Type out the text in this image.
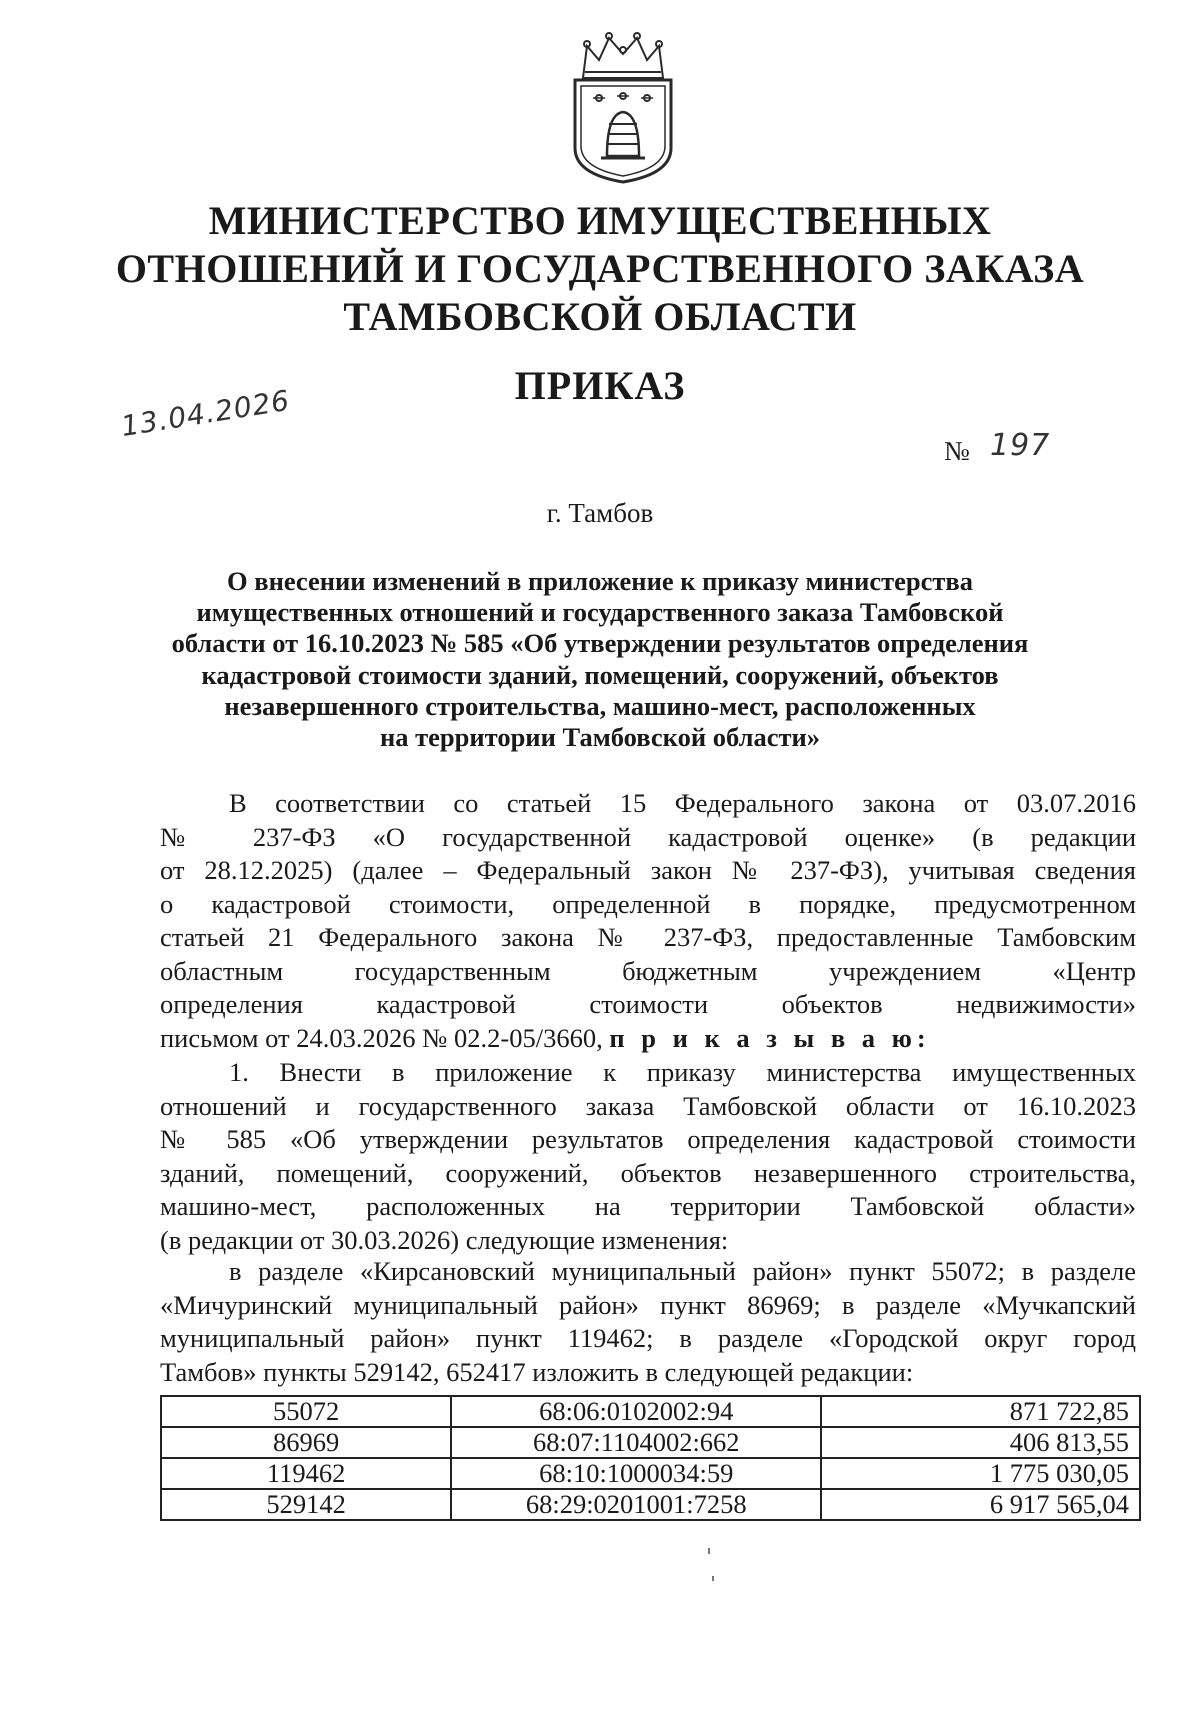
МИНИСТЕРСТВО ИМУЩЕСТВЕННЫХ
ОТНОШЕНИЙ И ГОСУДАРСТВЕННОГО ЗАКАЗА
ТАМБОВСКОЙ ОБЛАСТИ
ПРИКАЗ
13.04.2026
№ 197
г. Тамбов
О внесении изменений в приложение к приказу министерства
имущественных отношений и государственного заказа Тамбовской
области от 16.10.2023 № 585 «Об утверждении результатов определения
кадастровой стоимости зданий, помещений, сооружений, объектов
незавершенного строительства, машино-мест, расположенных
на территории Тамбовской области»
В соответствии со статьей 15 Федерального закона от 03.07.2016
№ 237-ФЗ «О государственной кадастровой оценке» (в редакции
от 28.12.2025) (далее – Федеральный закон № 237-ФЗ), учитывая сведения
о кадастровой стоимости, определенной в порядке, предусмотренном
статьей 21 Федерального закона № 237-ФЗ, предоставленные Тамбовским
областным государственным бюджетным учреждением «Центр
определения кадастровой стоимости объектов недвижимости»
письмом от 24.03.2026 № 02.2-05/3660, п р и к а з ы в а ю:
1. Внести в приложение к приказу министерства имущественных
отношений и государственного заказа Тамбовской области от 16.10.2023
№ 585 «Об утверждении результатов определения кадастровой стоимости
зданий, помещений, сооружений, объектов незавершенного строительства,
машино-мест, расположенных на территории Тамбовской области»
(в редакции от 30.03.2026) следующие изменения:
в разделе «Кирсановский муниципальный район» пункт 55072; в разделе
«Мичуринский муниципальный район» пункт 86969; в разделе «Мучкапский
муниципальный район» пункт 119462; в разделе «Городской округ город
Тамбов» пункты 529142, 652417 изложить в следующей редакции:
55072	68:06:0102002:94	871 722,85
86969	68:07:1104002:662	406 813,55
119462	68:10:1000034:59	1 775 030,05
529142	68:29:0201001:7258	6 917 565,04
